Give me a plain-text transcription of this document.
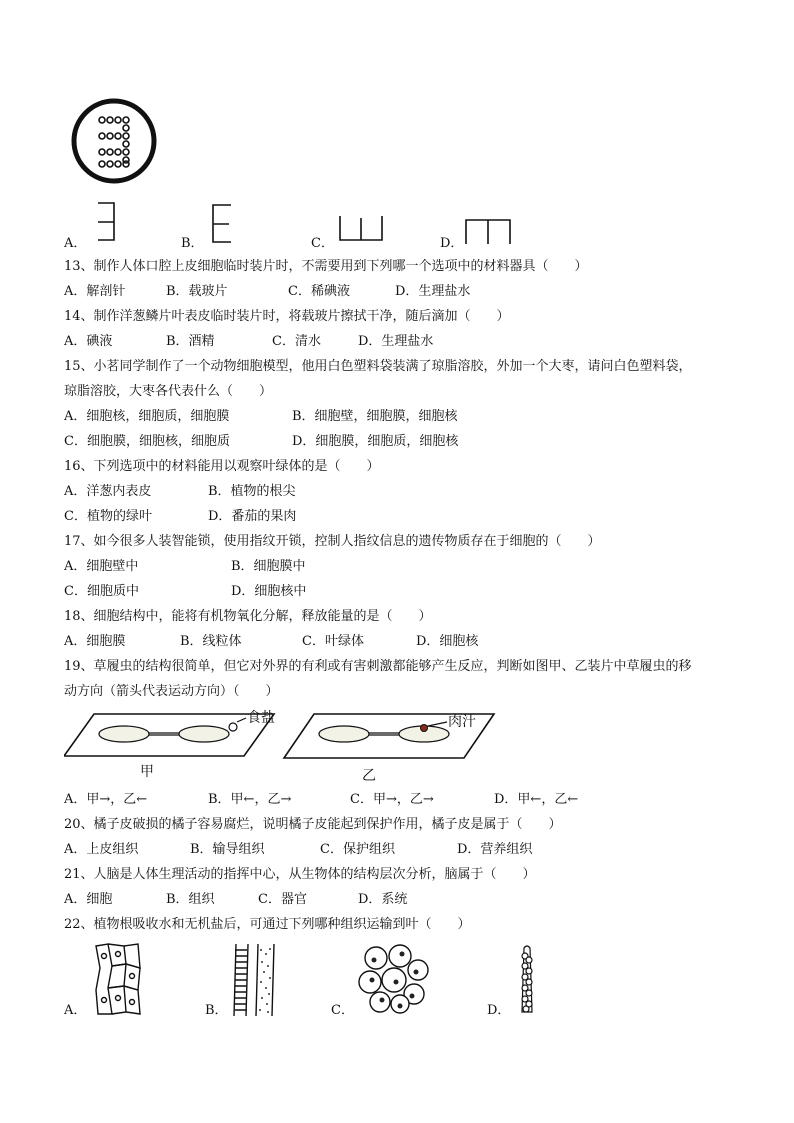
A．	B．	C．	D．
13、制作人体口腔上皮细胞临时装片时，不需要用到下列哪一个选项中的材料器具（　　）
A．解剖针	B．载玻片	C．稀碘液	D．生理盐水
14、制作洋葱鳞片叶表皮临时装片时，将载玻片擦拭干净，随后滴加（　　）
A．碘液	B．酒精	C．清水	D．生理盐水
15、小茗同学制作了一个动物细胞模型，他用白色塑料袋装满了琼脂溶胶，外加一个大枣，请问白色塑料袋，
琼脂溶胶，大枣各代表什么（　　）
A．细胞核，细胞质，细胞膜	B．细胞壁，细胞膜，细胞核
C．细胞膜，细胞核，细胞质	D．细胞膜，细胞质，细胞核
16、下列选项中的材料能用以观察叶绿体的是（　　）
A．洋葱内表皮	B．植物的根尖
C．植物的绿叶	D．番茄的果肉
17、如今很多人装智能锁，使用指纹开锁，控制人指纹信息的遗传物质存在于细胞的（　　）
A．细胞壁中	B．细胞膜中
C．细胞质中	D．细胞核中
18、细胞结构中，能将有机物氧化分解，释放能量的是（　　）
A．细胞膜	B．线粒体	C．叶绿体	D．细胞核
19、草履虫的结构很简单，但它对外界的有利或有害刺激都能够产生反应，判断如图甲、乙装片中草履虫的移
动方向（箭头代表运动方向）（　　）
食盐
甲
肉汁
乙
A．甲→，乙←	B．甲←，乙→	C．甲→，乙→	D．甲←，乙←
20、橘子皮破损的橘子容易腐烂，说明橘子皮能起到保护作用，橘子皮是属于（　　）
A．上皮组织	B．输导组织	C．保护组织	D．营养组织
21、人脑是人体生理活动的指挥中心，从生物体的结构层次分析，脑属于（　　）
A．细胞	B．组织	C．器官	D．系统
22、植物根吸收水和无机盐后，可通过下列哪种组织运输到叶（　　）
A．	B．	C．	D．
